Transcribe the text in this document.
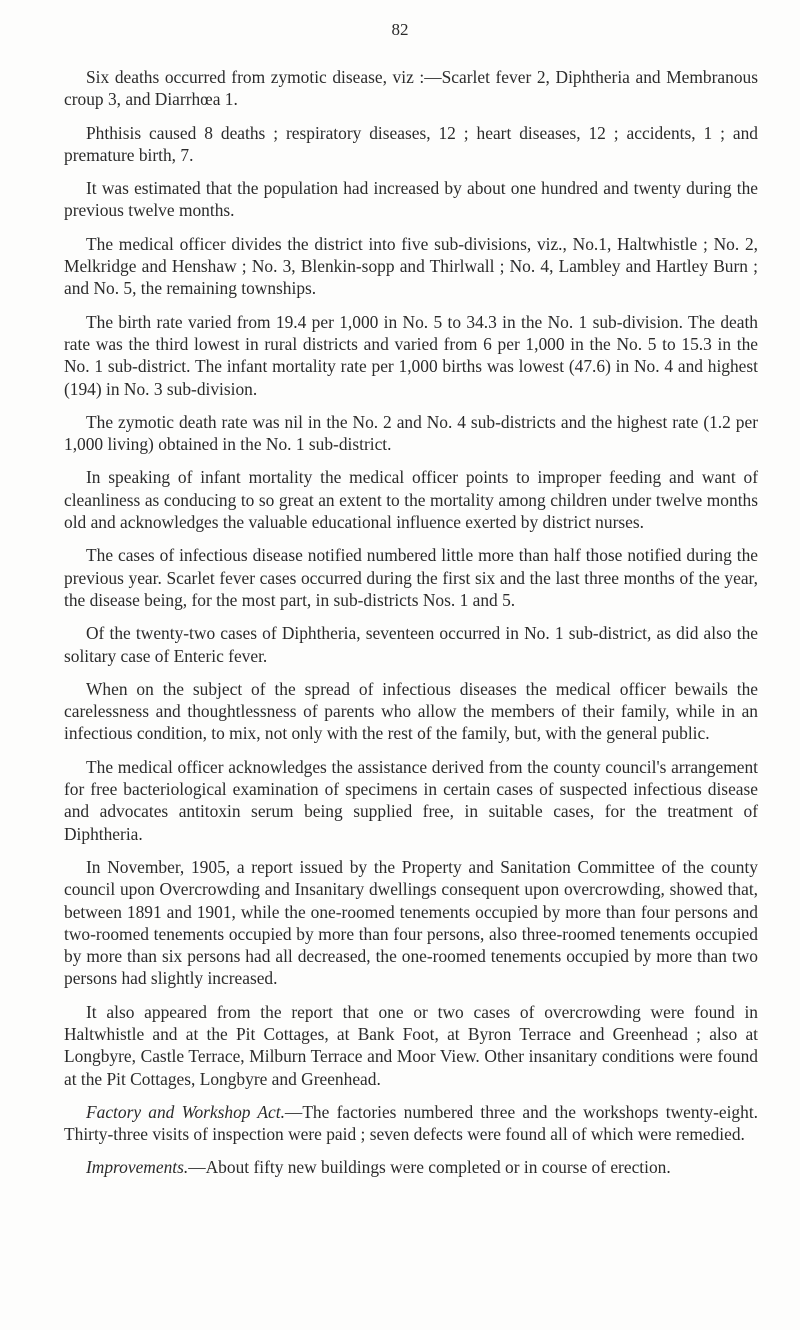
82

Six deaths occurred from zymotic disease, viz :—Scarlet fever 2, Diphtheria and Membranous croup 3, and Diarrhœa 1.

Phthisis caused 8 deaths ; respiratory diseases, 12 ; heart diseases, 12 ; accidents, 1 ; and premature birth, 7.

It was estimated that the population had increased by about one hundred and twenty during the previous twelve months.

The medical officer divides the district into five sub-divisions, viz., No.1, Haltwhistle ; No. 2, Melkridge and Henshaw ; No. 3, Blenkin-sopp and Thirlwall ; No. 4, Lambley and Hartley Burn ; and No. 5, the remaining townships.

The birth rate varied from 19.4 per 1,000 in No. 5 to 34.3 in the No. 1 sub-division. The death rate was the third lowest in rural districts and varied from 6 per 1,000 in the No. 5 to 15.3 in the No. 1 sub-district. The infant mortality rate per 1,000 births was lowest (47.6) in No. 4 and highest (194) in No. 3 sub-division.

The zymotic death rate was nil in the No. 2 and No. 4 sub-districts and the highest rate (1.2 per 1,000 living) obtained in the No. 1 sub-district.

In speaking of infant mortality the medical officer points to improper feeding and want of cleanliness as conducing to so great an extent to the mortality among children under twelve months old and acknowledges the valuable educational influence exerted by district nurses.

The cases of infectious disease notified numbered little more than half those notified during the previous year. Scarlet fever cases occurred during the first six and the last three months of the year, the disease being, for the most part, in sub-districts Nos. 1 and 5.

Of the twenty-two cases of Diphtheria, seventeen occurred in No. 1 sub-district, as did also the solitary case of Enteric fever.

When on the subject of the spread of infectious diseases the medical officer bewails the carelessness and thoughtlessness of parents who allow the members of their family, while in an infectious condition, to mix, not only with the rest of the family, but, with the general public.

The medical officer acknowledges the assistance derived from the county council's arrangement for free bacteriological examination of specimens in certain cases of suspected infectious disease and advocates antitoxin serum being supplied free, in suitable cases, for the treatment of Diphtheria.

In November, 1905, a report issued by the Property and Sanitation Committee of the county council upon Overcrowding and Insanitary dwellings consequent upon overcrowding, showed that, between 1891 and 1901, while the one-roomed tenements occupied by more than four persons and two-roomed tenements occupied by more than four persons, also three-roomed tenements occupied by more than six persons had all decreased, the one-roomed tenements occupied by more than two persons had slightly increased.

It also appeared from the report that one or two cases of overcrowding were found in Haltwhistle and at the Pit Cottages, at Bank Foot, at Byron Terrace and Greenhead ; also at Longbyre, Castle Terrace, Milburn Terrace and Moor View. Other insanitary conditions were found at the Pit Cottages, Longbyre and Greenhead.

Factory and Workshop Act.—The factories numbered three and the workshops twenty-eight. Thirty-three visits of inspection were paid ; seven defects were found all of which were remedied.

Improvements.—About fifty new buildings were completed or in course of erection.
